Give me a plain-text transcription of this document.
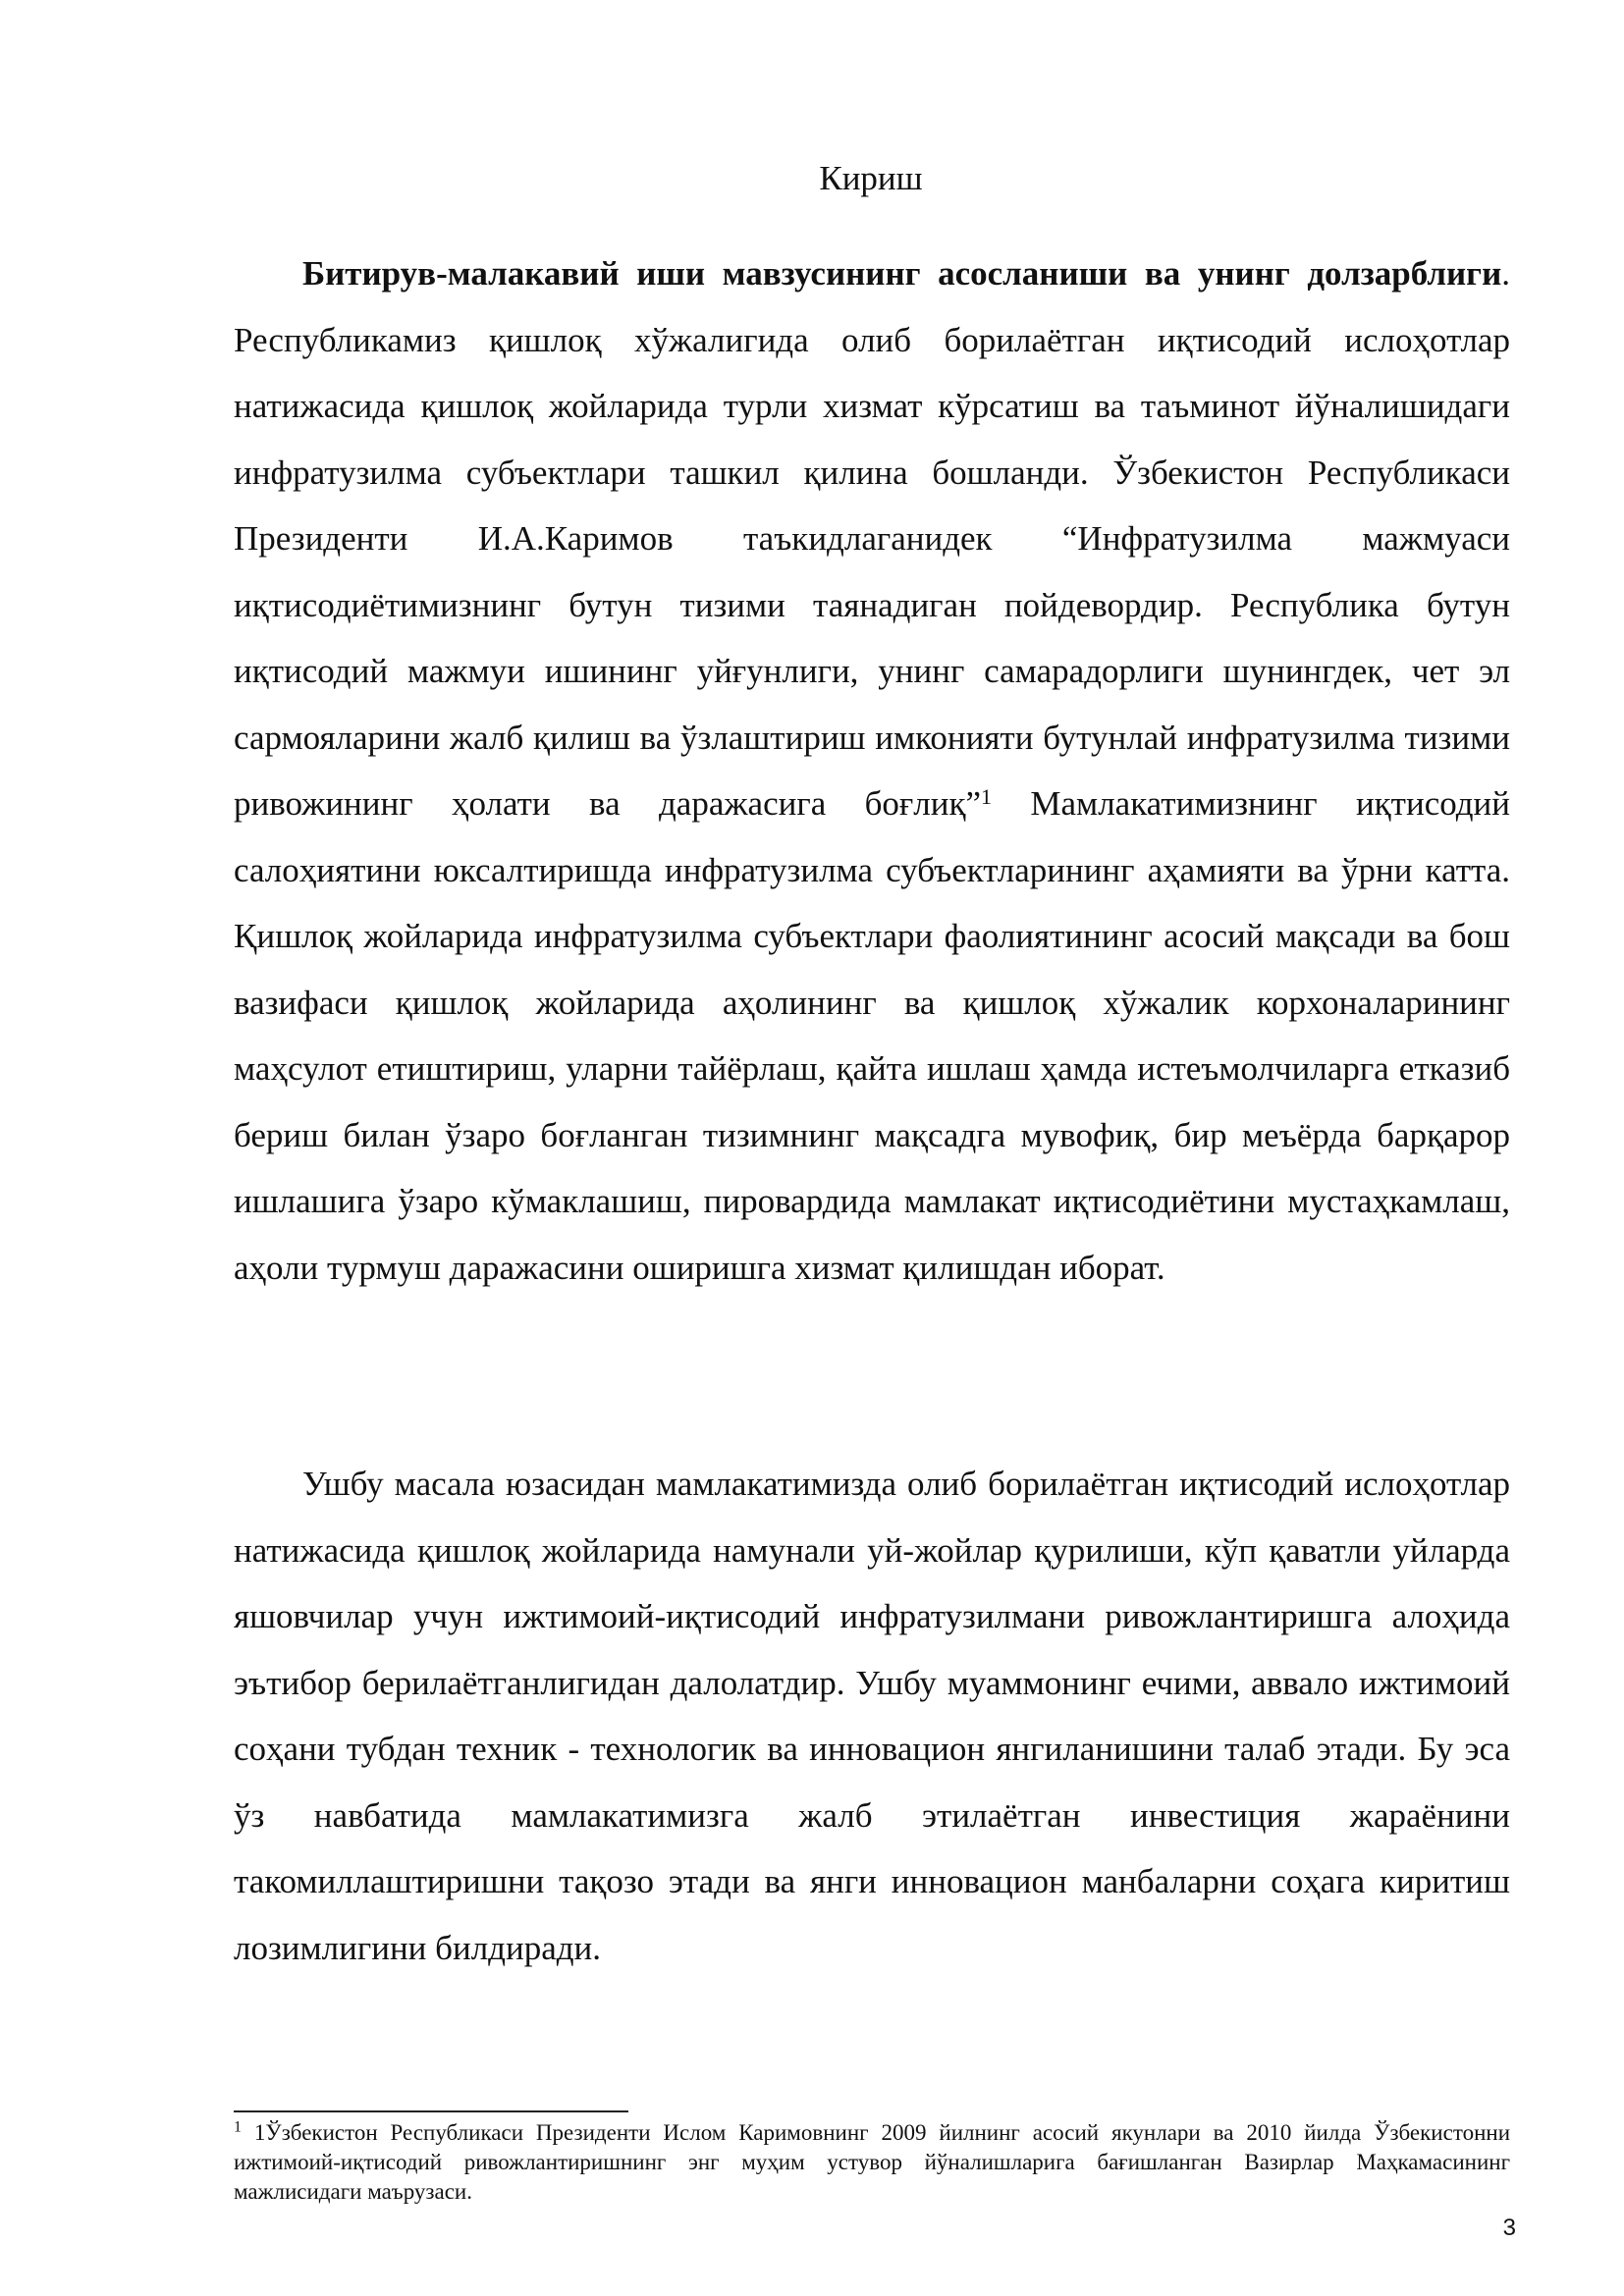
Кириш

Битирув-малакавий иши мавзусининг асосланиши ва унинг долзарблиги. Республикамиз қишлоқ хўжалигида олиб борилаётган иқтисодий ислоҳотлар натижасида қишлоқ жойларида турли хизмат кўрсатиш ва таъминот йўналишидаги инфратузилма субъектлари ташкил қилина бошланди. Ўзбекистон Республикаси Президенти И.А.Каримов таъкидлаганидек “Инфратузилма мажмуаси иқтисодиётимизнинг бутун тизими таянадиган пойдевордир. Республика бутун иқтисодий мажмуи ишининг уйғунлиги, унинг самарадорлиги шунингдек, чет эл сармояларини жалб қилиш ва ўзлаштириш имконияти бутунлай инфратузилма тизими ривожининг ҳолати ва даражасига боғлиқ”$^1$ Мамлакатимизнинг иқтисодий салоҳиятини юксалтиришда инфратузилма субъектларининг аҳамияти ва ўрни катта. Қишлоқ жойларида инфратузилма субъектлари фаолиятининг асосий мақсади ва бош вазифаси қишлоқ жойларида аҳолининг ва қишлоқ хўжалик корхоналарининг маҳсулот етиштириш, уларни тайёрлаш, қайта ишлаш ҳамда истеъмолчиларга етказиб бериш билан ўзаро боғланган тизимнинг мақсадга мувофиқ, бир меъёрда барқарор ишлашига ўзаро кўмаклашиш, пировардида мамлакат иқтисодиётини мустаҳкамлаш, аҳоли турмуш даражасини оширишга хизмат қилишдан иборат.

Ушбу масала юзасидан мамлакатимизда олиб борилаётган иқтисодий ислоҳотлар натижасида қишлоқ жойларида намунали уй-жойлар қурилиши, кўп қаватли уйларда яшовчилар учун ижтимоий-иқтисодий инфратузилмани ривожлантиришга алоҳида эътибор берилаётганлигидан далолатдир. Ушбу муаммонинг ечими, аввало ижтимоий соҳани тубдан техник - технологик ва инновацион янгиланишини талаб этади. Бу эса ўз навбатида мамлакатимизга жалб этилаётган инвестиция жараёнини такомиллаштиришни тақозо этади ва янги инновацион манбаларни соҳага киритиш лозимлигини билдиради.

$^1$ 1Ўзбекистон Республикаси Президенти Ислом Каримовнинг 2009 йилнинг асосий якунлари ва 2010 йилда Ўзбекистонни ижтимоий-иқтисодий ривожлантиришнинг энг муҳим устувор йўналишларига бағишланган Вазирлар Маҳкамасининг мажлисидаги маърузаси.

3
